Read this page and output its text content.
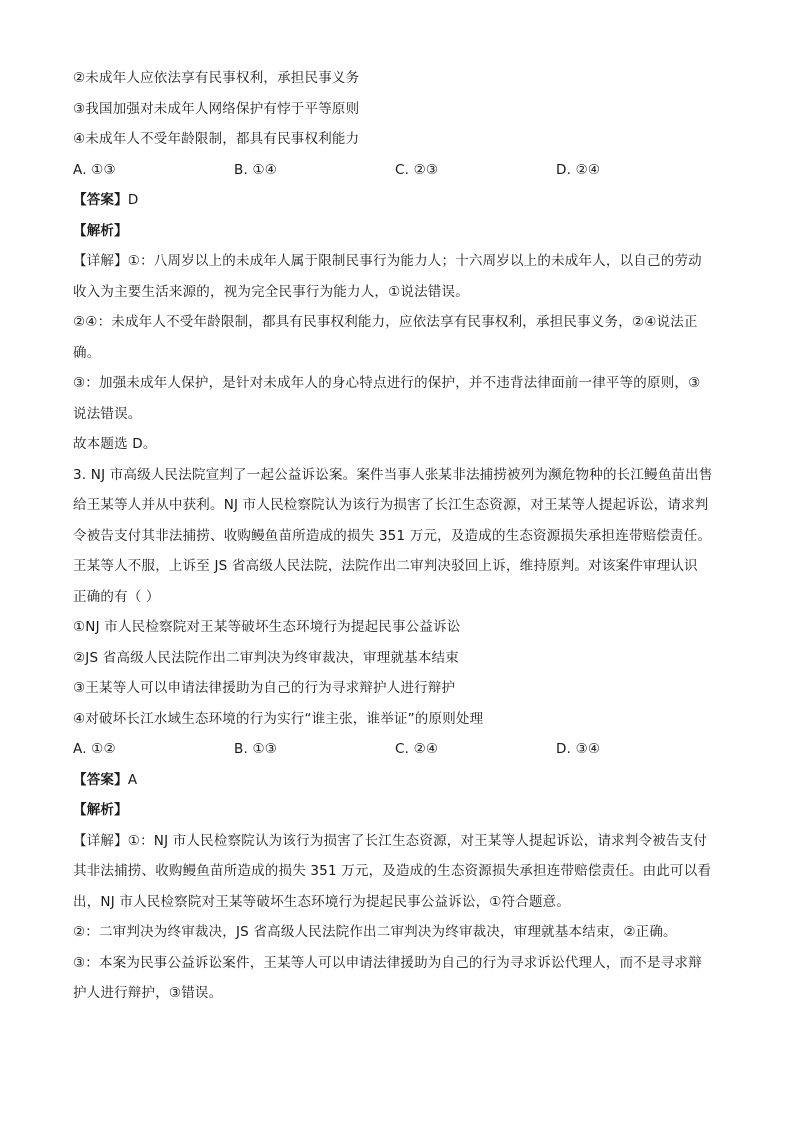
②未成年人应依法享有民事权利，承担民事义务
③我国加强对未成年人网络保护有悖于平等原则
④未成年人不受年龄限制，都具有民事权利能力
A. ①③	B. ①④	C. ②③	D. ②④
【答案】D
【解析】
【详解】①：八周岁以上的未成年人属于限制民事行为能力人；十六周岁以上的未成年人，以自己的劳动
收入为主要生活来源的，视为完全民事行为能力人，①说法错误。
②④：未成年人不受年龄限制，都具有民事权利能力，应依法享有民事权利，承担民事义务，②④说法正
确。
③：加强未成年人保护，是针对未成年人的身心特点进行的保护，并不违背法律面前一律平等的原则，③
说法错误。
故本题选 D。
3. NJ 市高级人民法院宣判了一起公益诉讼案。案件当事人张某非法捕捞被列为濒危物种的长江鳗鱼苗出售
给王某等人并从中获利。NJ 市人民检察院认为该行为损害了长江生态资源，对王某等人提起诉讼，请求判
令被告支付其非法捕捞、收购鳗鱼苗所造成的损失 351 万元，及造成的生态资源损失承担连带赔偿责任。
王某等人不服，上诉至 JS 省高级人民法院，法院作出二审判决驳回上诉，维持原判。对该案件审理认识
正确的有（ ）
①NJ 市人民检察院对王某等破坏生态环境行为提起民事公益诉讼
②JS 省高级人民法院作出二审判决为终审裁决，审理就基本结束
③王某等人可以申请法律援助为自己的行为寻求辩护人进行辩护
④对破坏长江水域生态环境的行为实行“谁主张，谁举证”的原则处理
A. ①②	B. ①③	C. ②④	D. ③④
【答案】A
【解析】
【详解】①：NJ 市人民检察院认为该行为损害了长江生态资源，对王某等人提起诉讼，请求判令被告支付
其非法捕捞、收购鳗鱼苗所造成的损失 351 万元，及造成的生态资源损失承担连带赔偿责任。由此可以看
出，NJ 市人民检察院对王某等破坏生态环境行为提起民事公益诉讼，①符合题意。
②：二审判决为终审裁决，JS 省高级人民法院作出二审判决为终审裁决，审理就基本结束，②正确。
③：本案为民事公益诉讼案件，王某等人可以申请法律援助为自己的行为寻求诉讼代理人，而不是寻求辩
护人进行辩护，③错误。
